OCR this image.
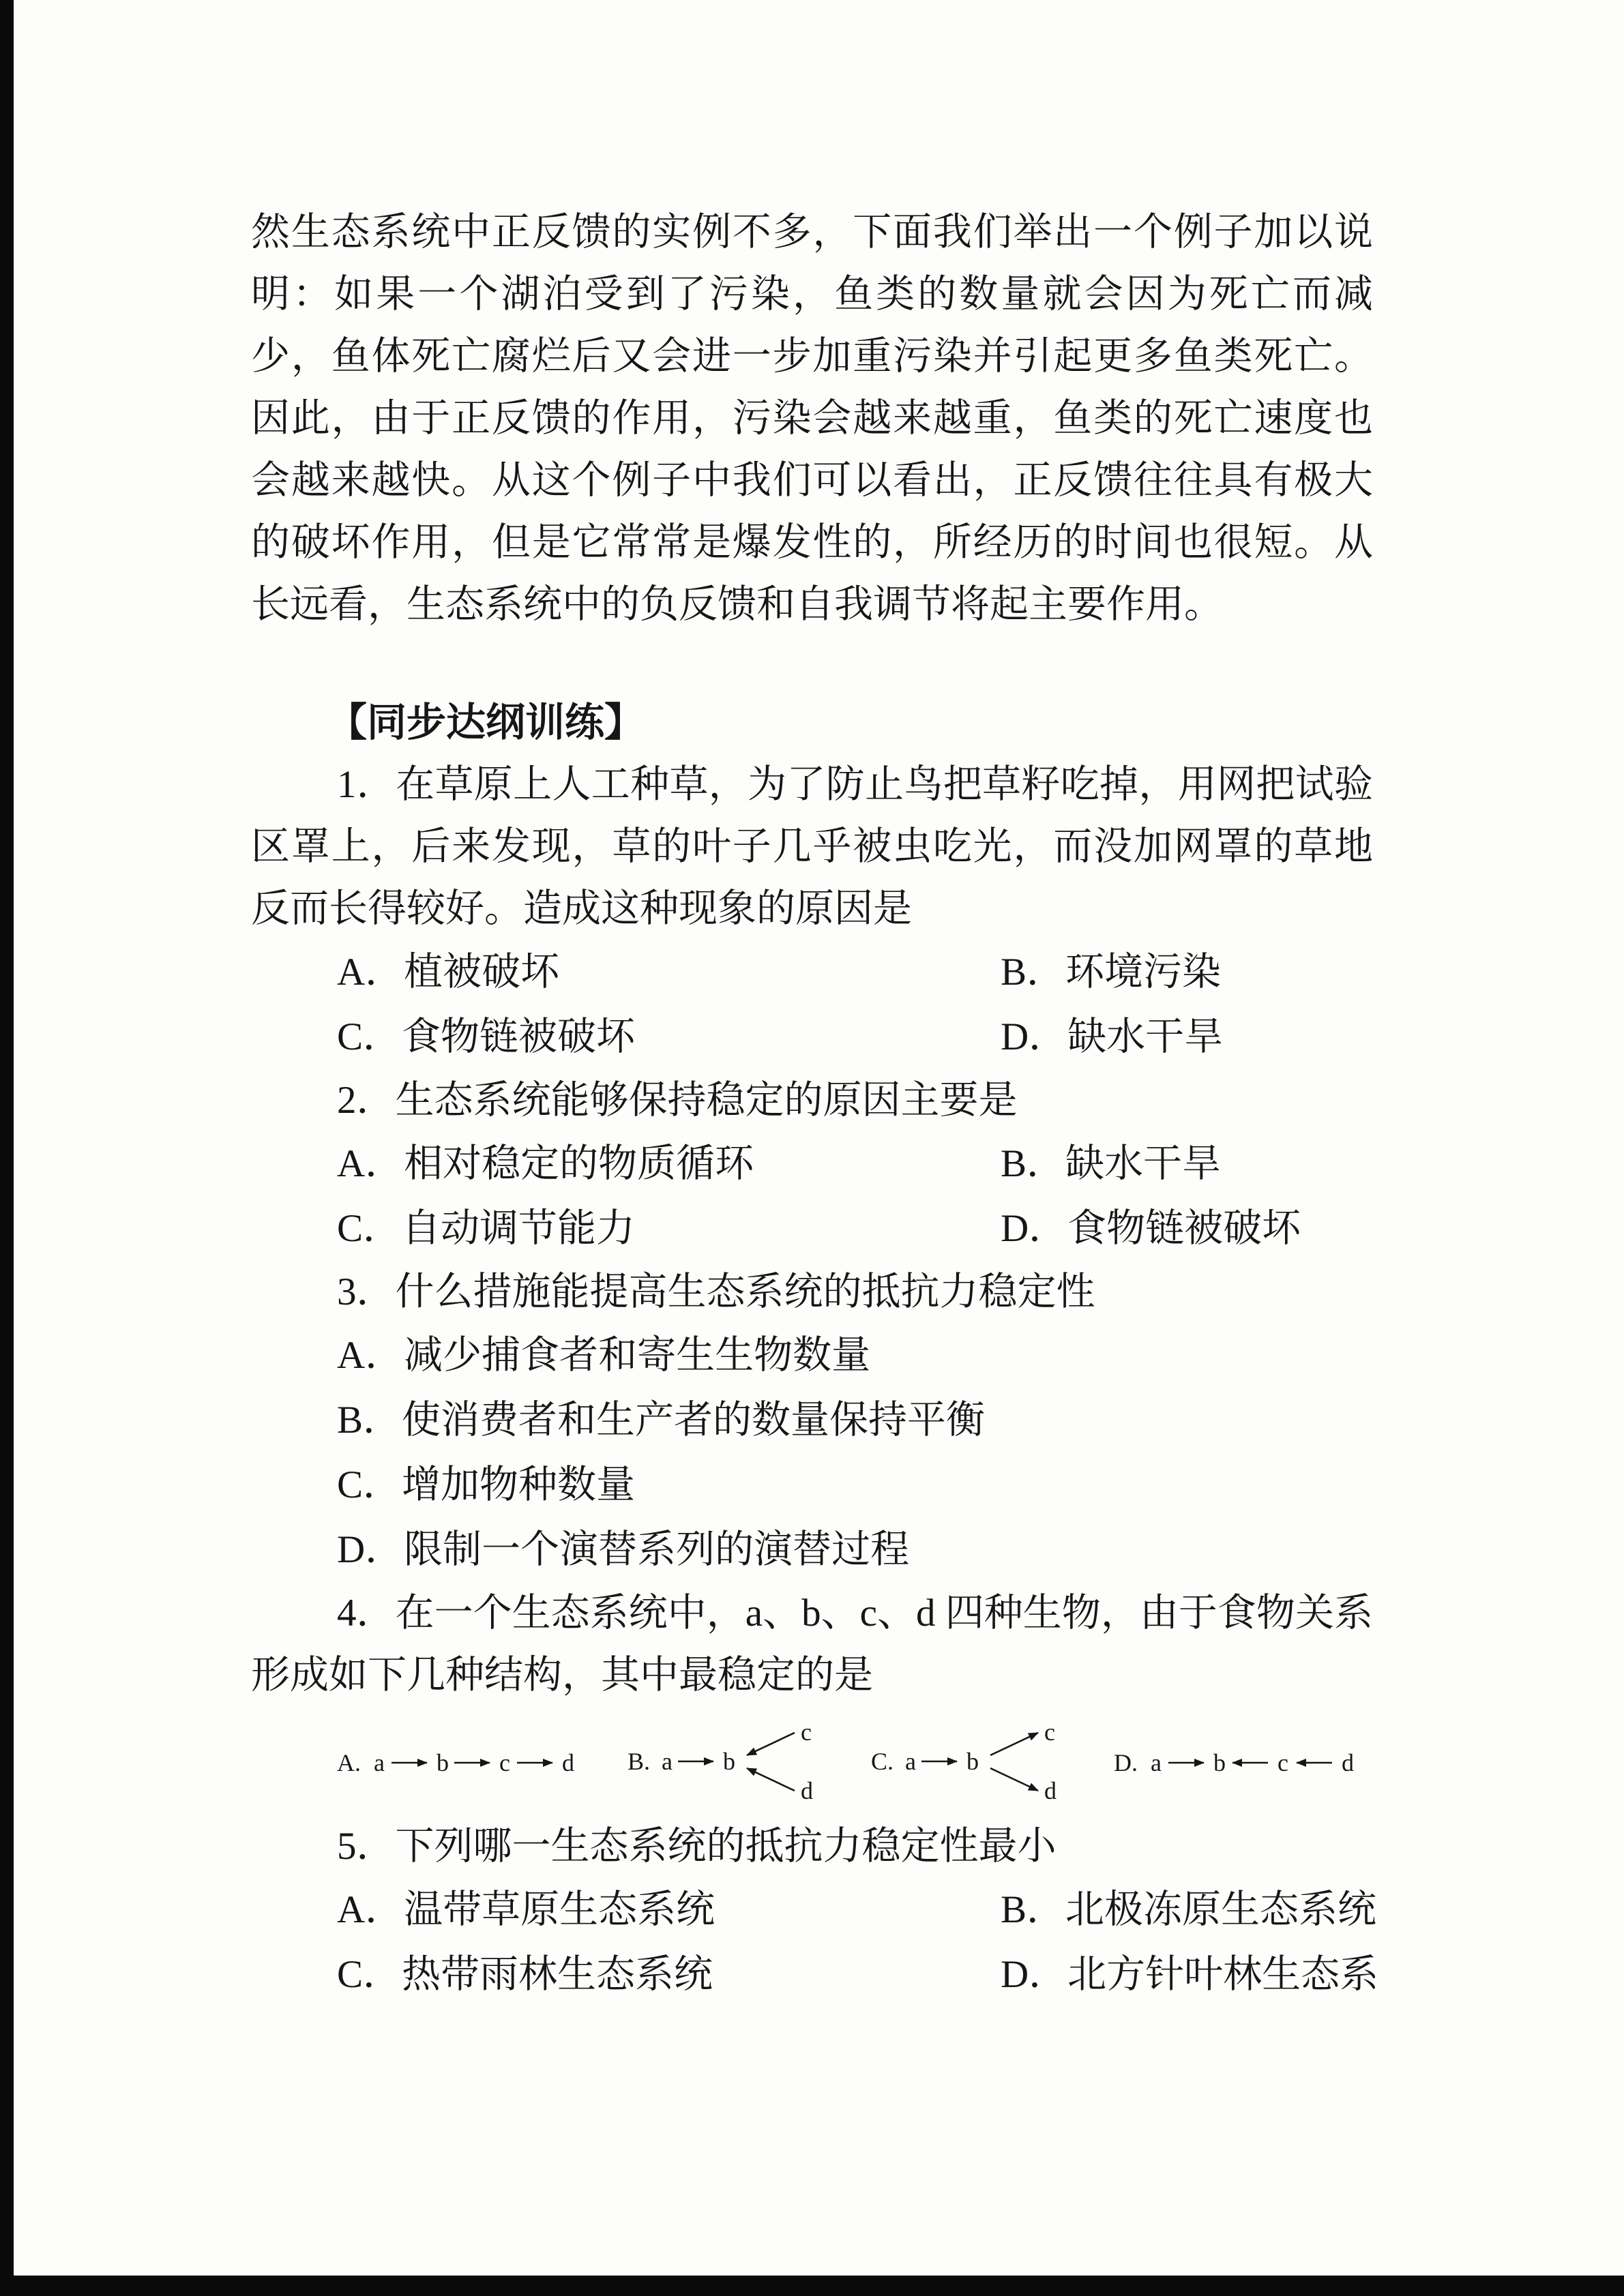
然生态系统中正反馈的实例不多，下面我们举出一个例子加以说明：如果一个湖泊受到了污染，鱼类的数量就会因为死亡而减少，鱼体死亡腐烂后又会进一步加重污染并引起更多鱼类死亡。因此，由于正反馈的作用，污染会越来越重，鱼类的死亡速度也会越来越快。从这个例子中我们可以看出，正反馈往往具有极大的破坏作用，但是它常常是爆发性的，所经历的时间也很短。从长远看，生态系统中的负反馈和自我调节将起主要作用。

【同步达纲训练】

1．在草原上人工种草，为了防止鸟把草籽吃掉，用网把试验区罩上，后来发现，草的叶子几乎被虫吃光，而没加网罩的草地反而长得较好。造成这种现象的原因是

A．植被破坏	B．环境污染
C．食物链被破坏	D．缺水干旱

2．生态系统能够保持稳定的原因主要是

A．相对稳定的物质循环	B．缺水干旱
C．自动调节能力	D．食物链被破坏

3．什么措施能提高生态系统的抵抗力稳定性

A．减少捕食者和寄生生物数量
B．使消费者和生产者的数量保持平衡
C．增加物种数量
D．限制一个演替系列的演替过程

4．在一个生态系统中，a、b、c、d 四种生物，由于食物关系形成如下几种结构，其中最稳定的是

A. a b c d B. a b
c
d
C. a b
c
d
D. a b c d

5．下列哪一生态系统的抵抗力稳定性最小

A．温带草原生态系统	B．北极冻原生态系统
C．热带雨林生态系统	D．北方针叶林生态系
